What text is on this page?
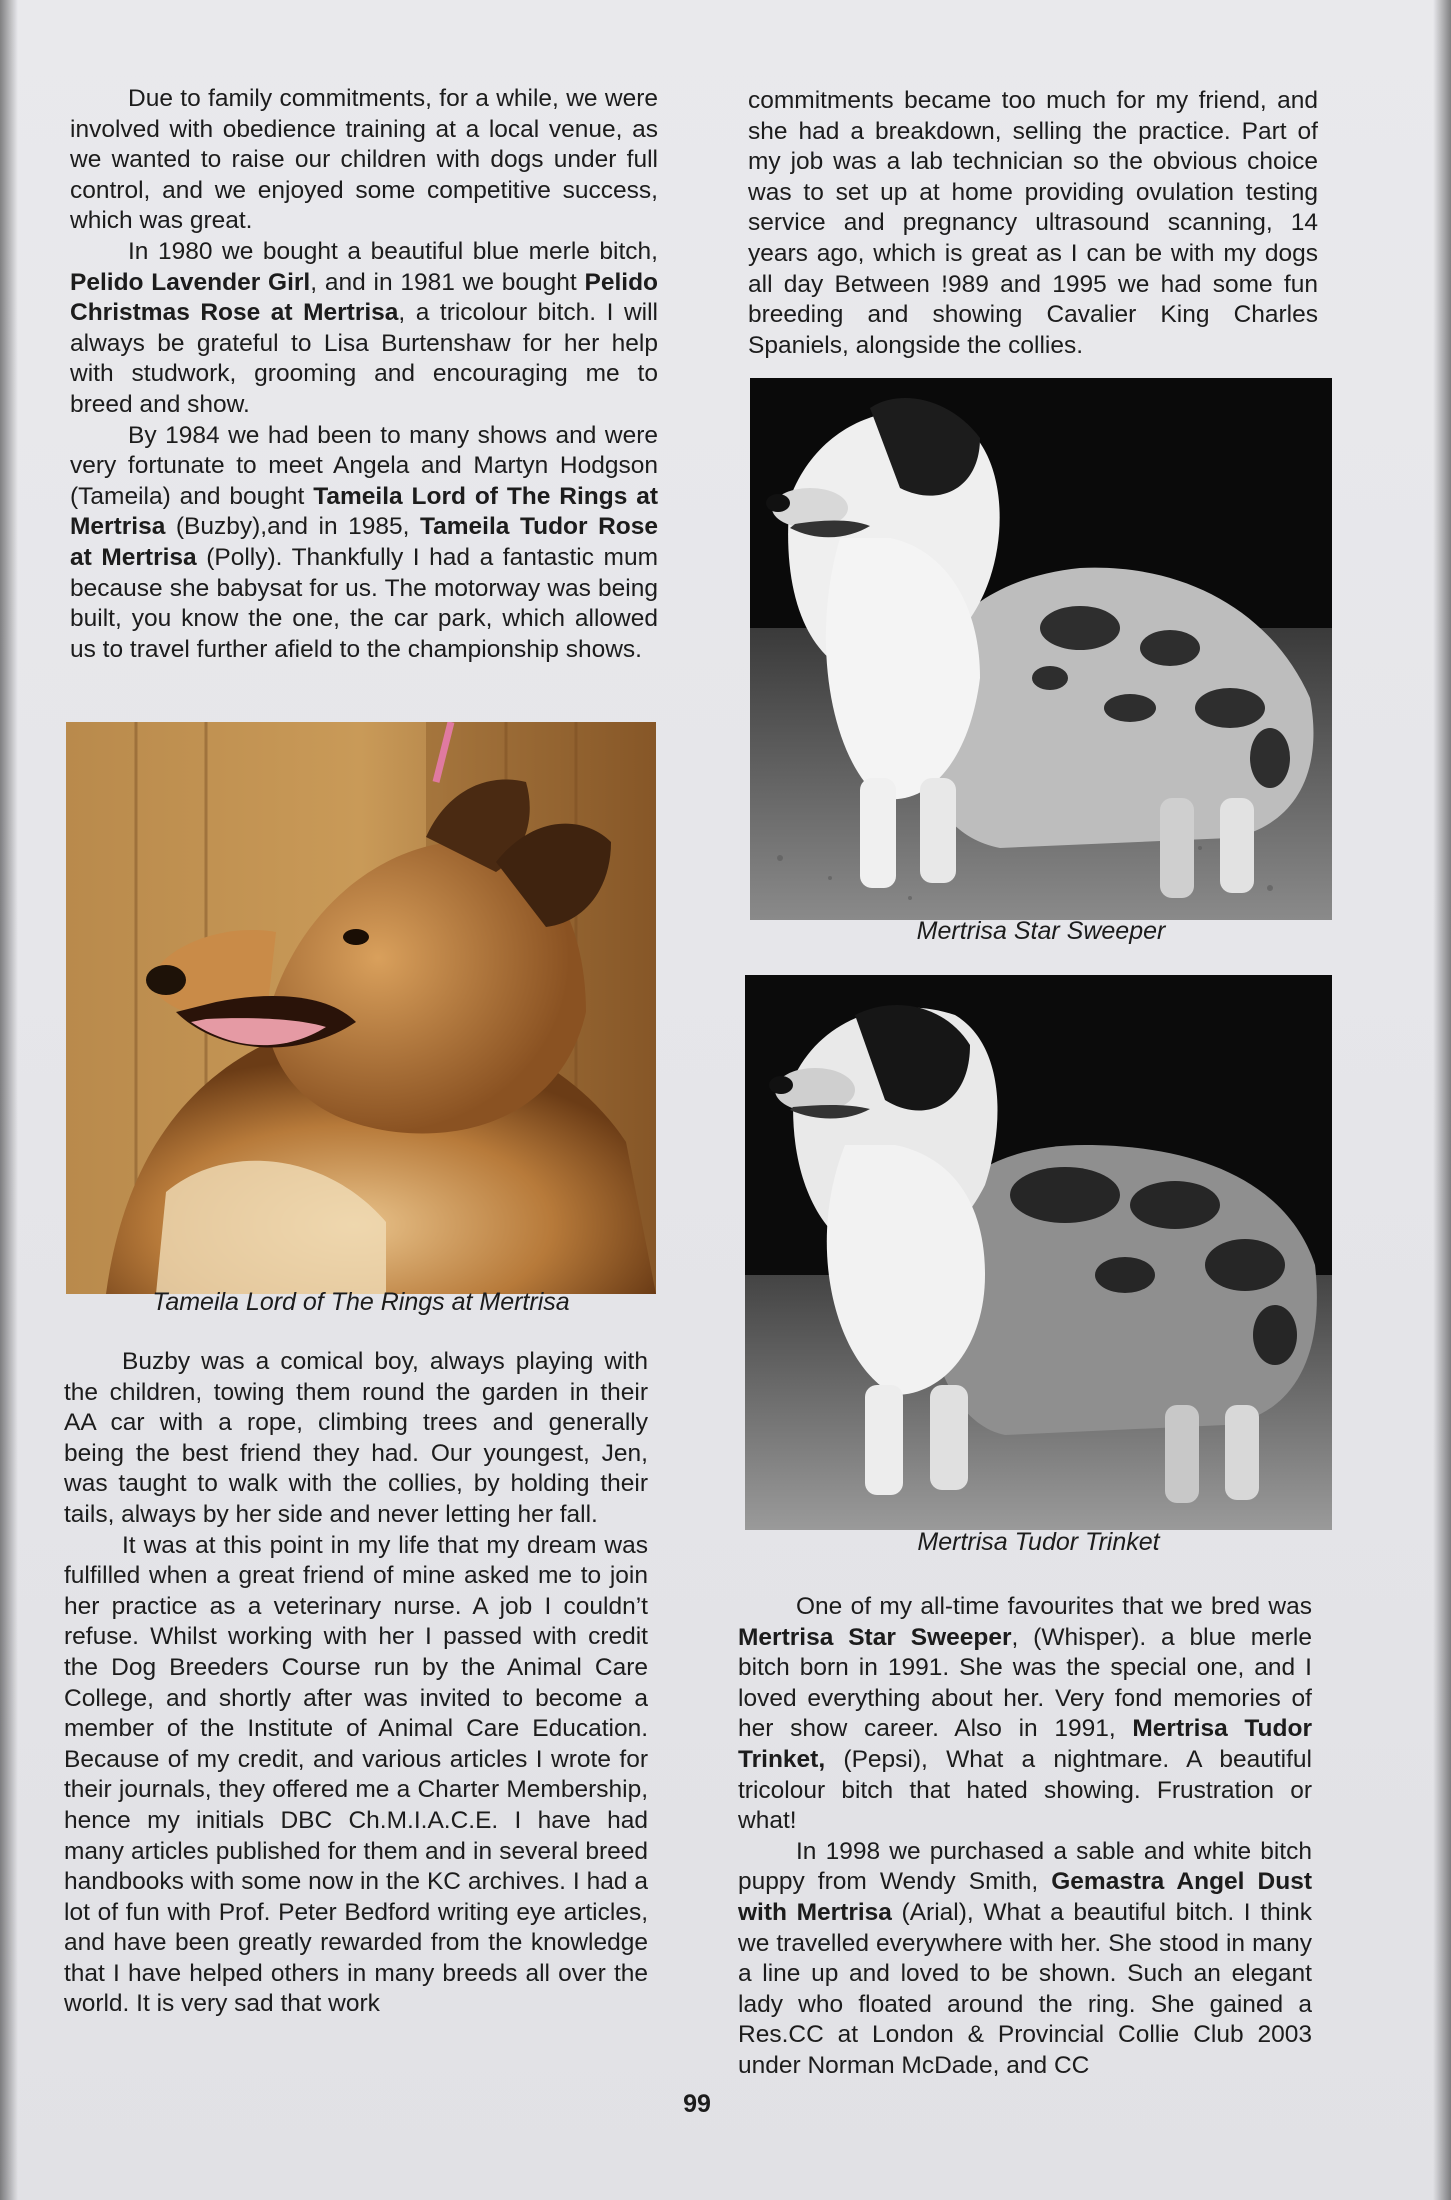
Due to family commitments, for a while, we were involved with obedience training at a local venue, as we wanted to raise our children with dogs under full control, and we enjoyed some competitive success, which was great.

In 1980 we bought a beautiful blue merle bitch, Pelido Lavender Girl, and in 1981 we bought Pelido Christmas Rose at Mertrisa, a tricolour bitch. I will always be grateful to Lisa Burtenshaw for her help with studwork, grooming and encouraging me to breed and show.

By 1984 we had been to many shows and were very fortunate to meet Angela and Martyn Hodgson (Tameila) and bought Tameila Lord of The Rings at Mertrisa (Buzby),and in 1985, Tameila Tudor Rose at Mertrisa (Polly). Thankfully I had a fantastic mum because she babysat for us. The motorway was being built, you know the one, the car park, which allowed us to travel further afield to the championship shows.

Tameila Lord of The Rings at Mertrisa

Buzby was a comical boy, always playing with the children, towing them round the garden in their AA car with a rope, climbing trees and generally being the best friend they had. Our youngest, Jen, was taught to walk with the collies, by holding their tails, always by her side and never letting her fall.

It was at this point in my life that my dream was fulfilled when a great friend of mine asked me to join her practice as a veterinary nurse. A job I couldn’t refuse. Whilst working with her I passed with credit the Dog Breeders Course run by the Animal Care College, and shortly after was invited to become a member of the Institute of Animal Care Education. Because of my credit, and various articles I wrote for their journals, they offered me a Charter Membership, hence my initials DBC Ch.M.I.A.C.E. I have had many articles published for them and in several breed handbooks with some now in the KC archives. I had a lot of fun with Prof. Peter Bedford writing eye articles, and have been greatly rewarded from the knowledge that I have helped others in many breeds all over the world. It is very sad that work

commitments became too much for my friend, and she had a breakdown, selling the practice. Part of my job was a lab technician so the obvious choice was to set up at home providing ovulation testing service and pregnancy ultrasound scanning, 14 years ago, which is great as I can be with my dogs all day Between !989 and 1995 we had some fun breeding and showing Cavalier King Charles Spaniels, alongside the collies.

Mertrisa Star Sweeper
Mertrisa Tudor Trinket

One of my all-time favourites that we bred was Mertrisa Star Sweeper, (Whisper). a blue merle bitch born in 1991. She was the special one, and I loved everything about her. Very fond memories of her show career. Also in 1991, Mertrisa Tudor Trinket, (Pepsi), What a nightmare. A beautiful tricolour bitch that hated showing. Frustration or what!

In 1998 we purchased a sable and white bitch puppy from Wendy Smith, Gemastra Angel Dust with Mertrisa (Arial), What a beautiful bitch. I think we travelled everywhere with her. She stood in many a line up and loved to be shown. Such an elegant lady who floated around the ring. She gained a Res.CC at London & Provincial Collie Club 2003 under Norman McDade, and CC

99
